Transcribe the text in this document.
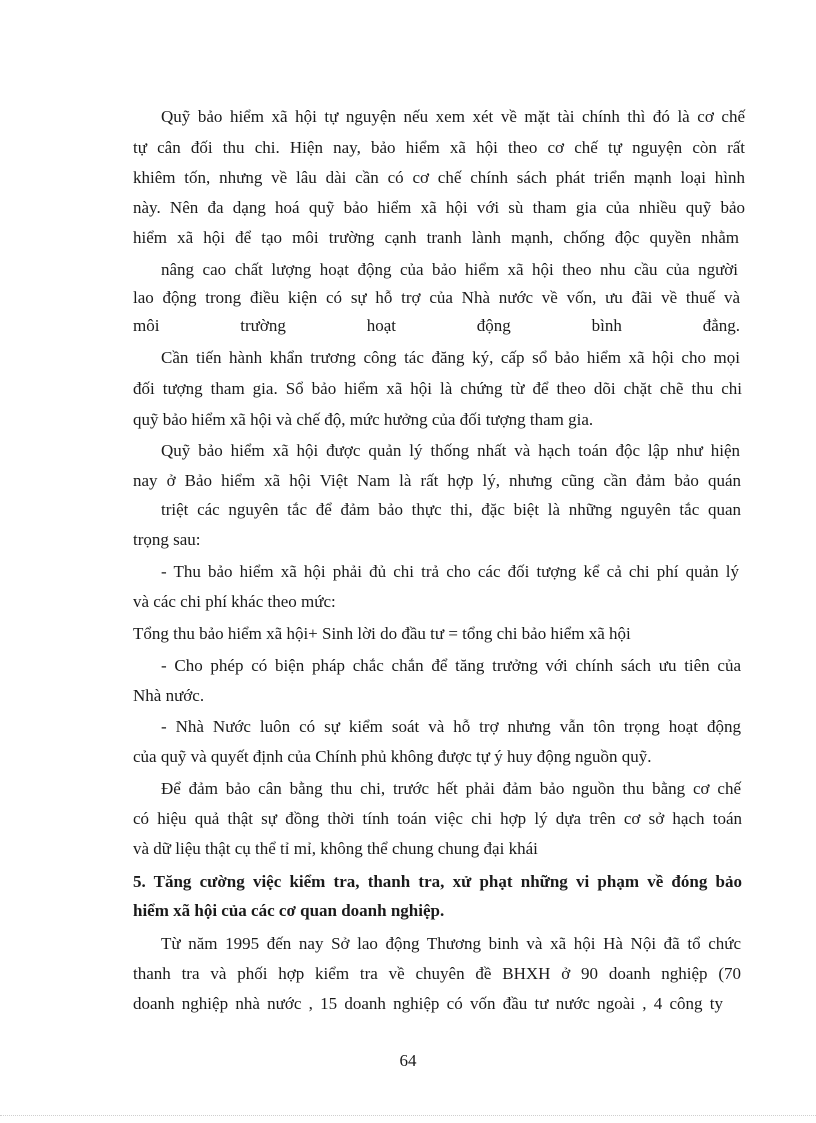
Quỹ bảo hiểm xã hội tự nguyện nếu xem xét về mặt tài chính thì đó là cơ chế
tự cân đối thu chi. Hiện nay, bảo hiểm xã hội theo cơ chế tự nguyện còn rất
khiêm tốn, nhưng về lâu dài cần có cơ chế chính sách phát triển mạnh loại hình
này. Nên đa dạng hoá quỹ bảo hiểm xã hội với sù tham gia của nhiều quỹ bảo
hiểm xã hội để tạo môi trường cạnh tranh lành mạnh, chống độc quyền nhằm
nâng cao chất lượng hoạt động của bảo hiểm xã hội theo nhu cầu của người
lao động trong điều kiện có sự hỗ trợ của Nhà nước về vốn, ưu đãi về thuế và
môi trường hoạt động bình đẳng.
Cần tiến hành khẩn trương công tác đăng ký, cấp sổ bảo hiểm xã hội cho mọi
đối tượng tham gia. Sổ bảo hiểm xã hội là chứng từ để theo dõi chặt chẽ thu chi
quỹ bảo hiểm xã hội và chế độ, mức hưởng của đối tượng tham gia.
Quỹ bảo hiểm xã hội được quản lý thống nhất và hạch toán độc lập như hiện
nay ở Bảo hiểm xã hội Việt Nam là rất hợp lý, nhưng cũng cần đảm bảo quán
triệt các nguyên tắc để đảm bảo thực thi, đặc biệt là những nguyên tắc quan
trọng sau:
- Thu bảo hiểm xã hội phải đủ chi trả cho các đối tượng kể cả chi phí quản lý
và các chi phí khác theo mức:
Tổng thu bảo hiểm xã hội+ Sinh lời do đầu tư = tổng chi bảo hiểm xã hội
- Cho phép có biện pháp chắc chắn để tăng trưởng với chính sách ưu tiên của
Nhà nước.
- Nhà Nước luôn có sự kiểm soát và hỗ trợ nhưng vẫn tôn trọng hoạt động
của quỹ và quyết định của Chính phủ không được tự ý huy động nguồn quỹ.
Để đảm bảo cân bằng thu chi, trước hết phải đảm bảo nguồn thu bằng cơ chế
có hiệu quả thật sự đồng thời tính toán việc chi hợp lý dựa trên cơ sở hạch toán
và dữ liệu thật cụ thể tỉ mỉ, không thể chung chung đại khái
5. Tăng cường việc kiểm tra, thanh tra, xử phạt những vi phạm về đóng bảo
hiểm xã hội của các cơ quan doanh nghiệp.
Từ năm 1995 đến nay Sở lao động Thương binh và xã hội Hà Nội đã tổ chức
thanh tra và phối hợp kiểm tra về chuyên đề BHXH ở 90 doanh nghiệp (70
doanh nghiệp nhà nước , 15 doanh nghiệp có vốn đầu tư nước ngoài , 4 công ty
64
